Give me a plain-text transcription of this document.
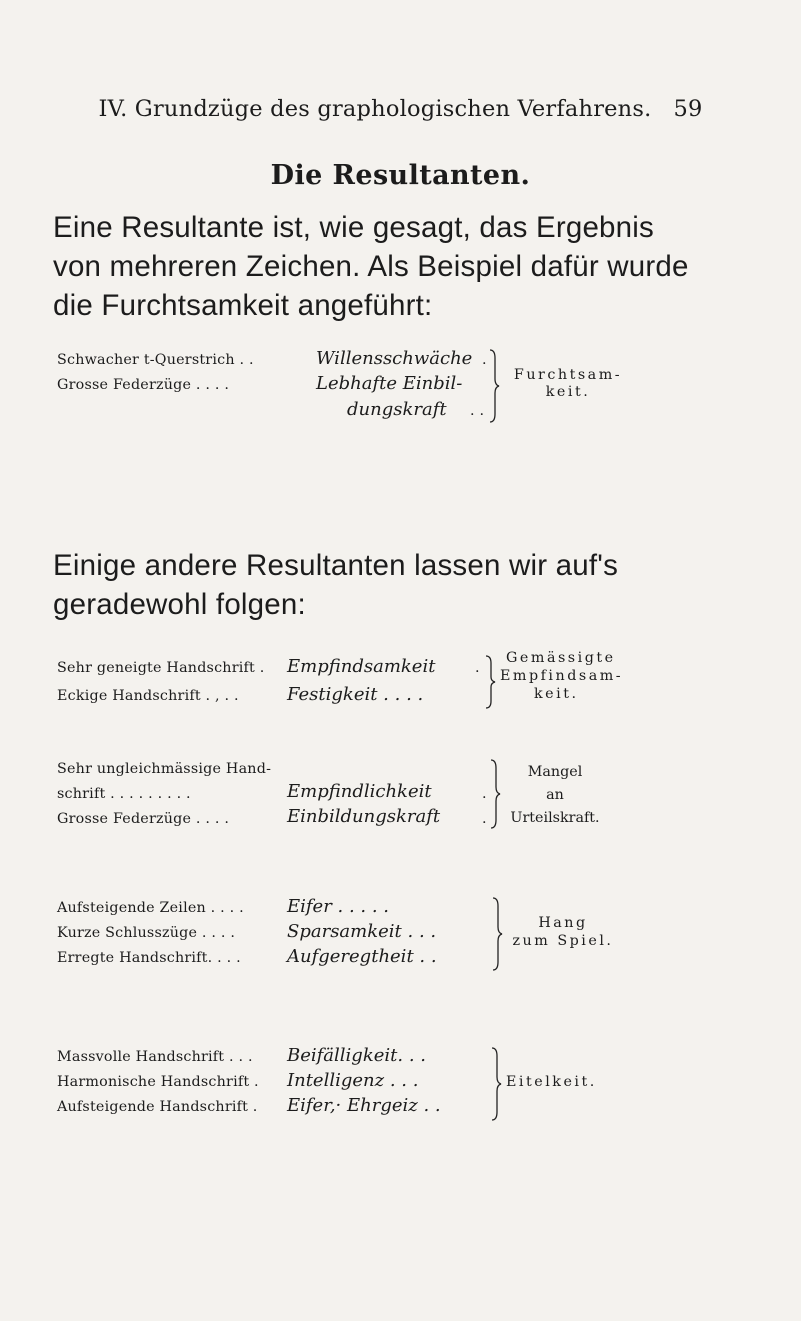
IV. Grundzüge des graphologischen Verfahrens. 59
Die Resultanten.
Eine Resultante ist, wie gesagt, das Ergebnis
von mehreren Zeichen. Als Beispiel dafür wurde
die Furchtsamkeit angeführt:
Schwacher t-Querstrich . .	Willensschwäche .
Grosse Federzüge . . . .	Lebhafte Einbil-
dungskraft . .
Furchtsam-
keit.
Einige andere Resultanten lassen wir auf's
geradewohl folgen:
Sehr geneigte Handschrift . Empfindsamkeit	.
Eckige Handschrift . , . .	Festigkeit . . . .
Gemässigte
Empfindsam-
keit.
Sehr ungleichmässige Hand-
schrift . . . . . . . . .	Empfindlichkeit	.
Grosse Federzüge . . . .	Einbildungskraft	.
Mangel
an
Urteilskraft.
Aufsteigende Zeilen . . . . Eifer . . . . .
Kurze Schlusszüge . . . .	Sparsamkeit . . .
Erregte Handschrift. . . .	Aufgeregtheit . .
Hang
zum Spiel.
Massvolle Handschrift . . . Beifälligkeit. . .
Harmonische Handschrift . Intelligenz . . .
Aufsteigende Handschrift . Eifer,· Ehrgeiz . .
Eitelkeit.
